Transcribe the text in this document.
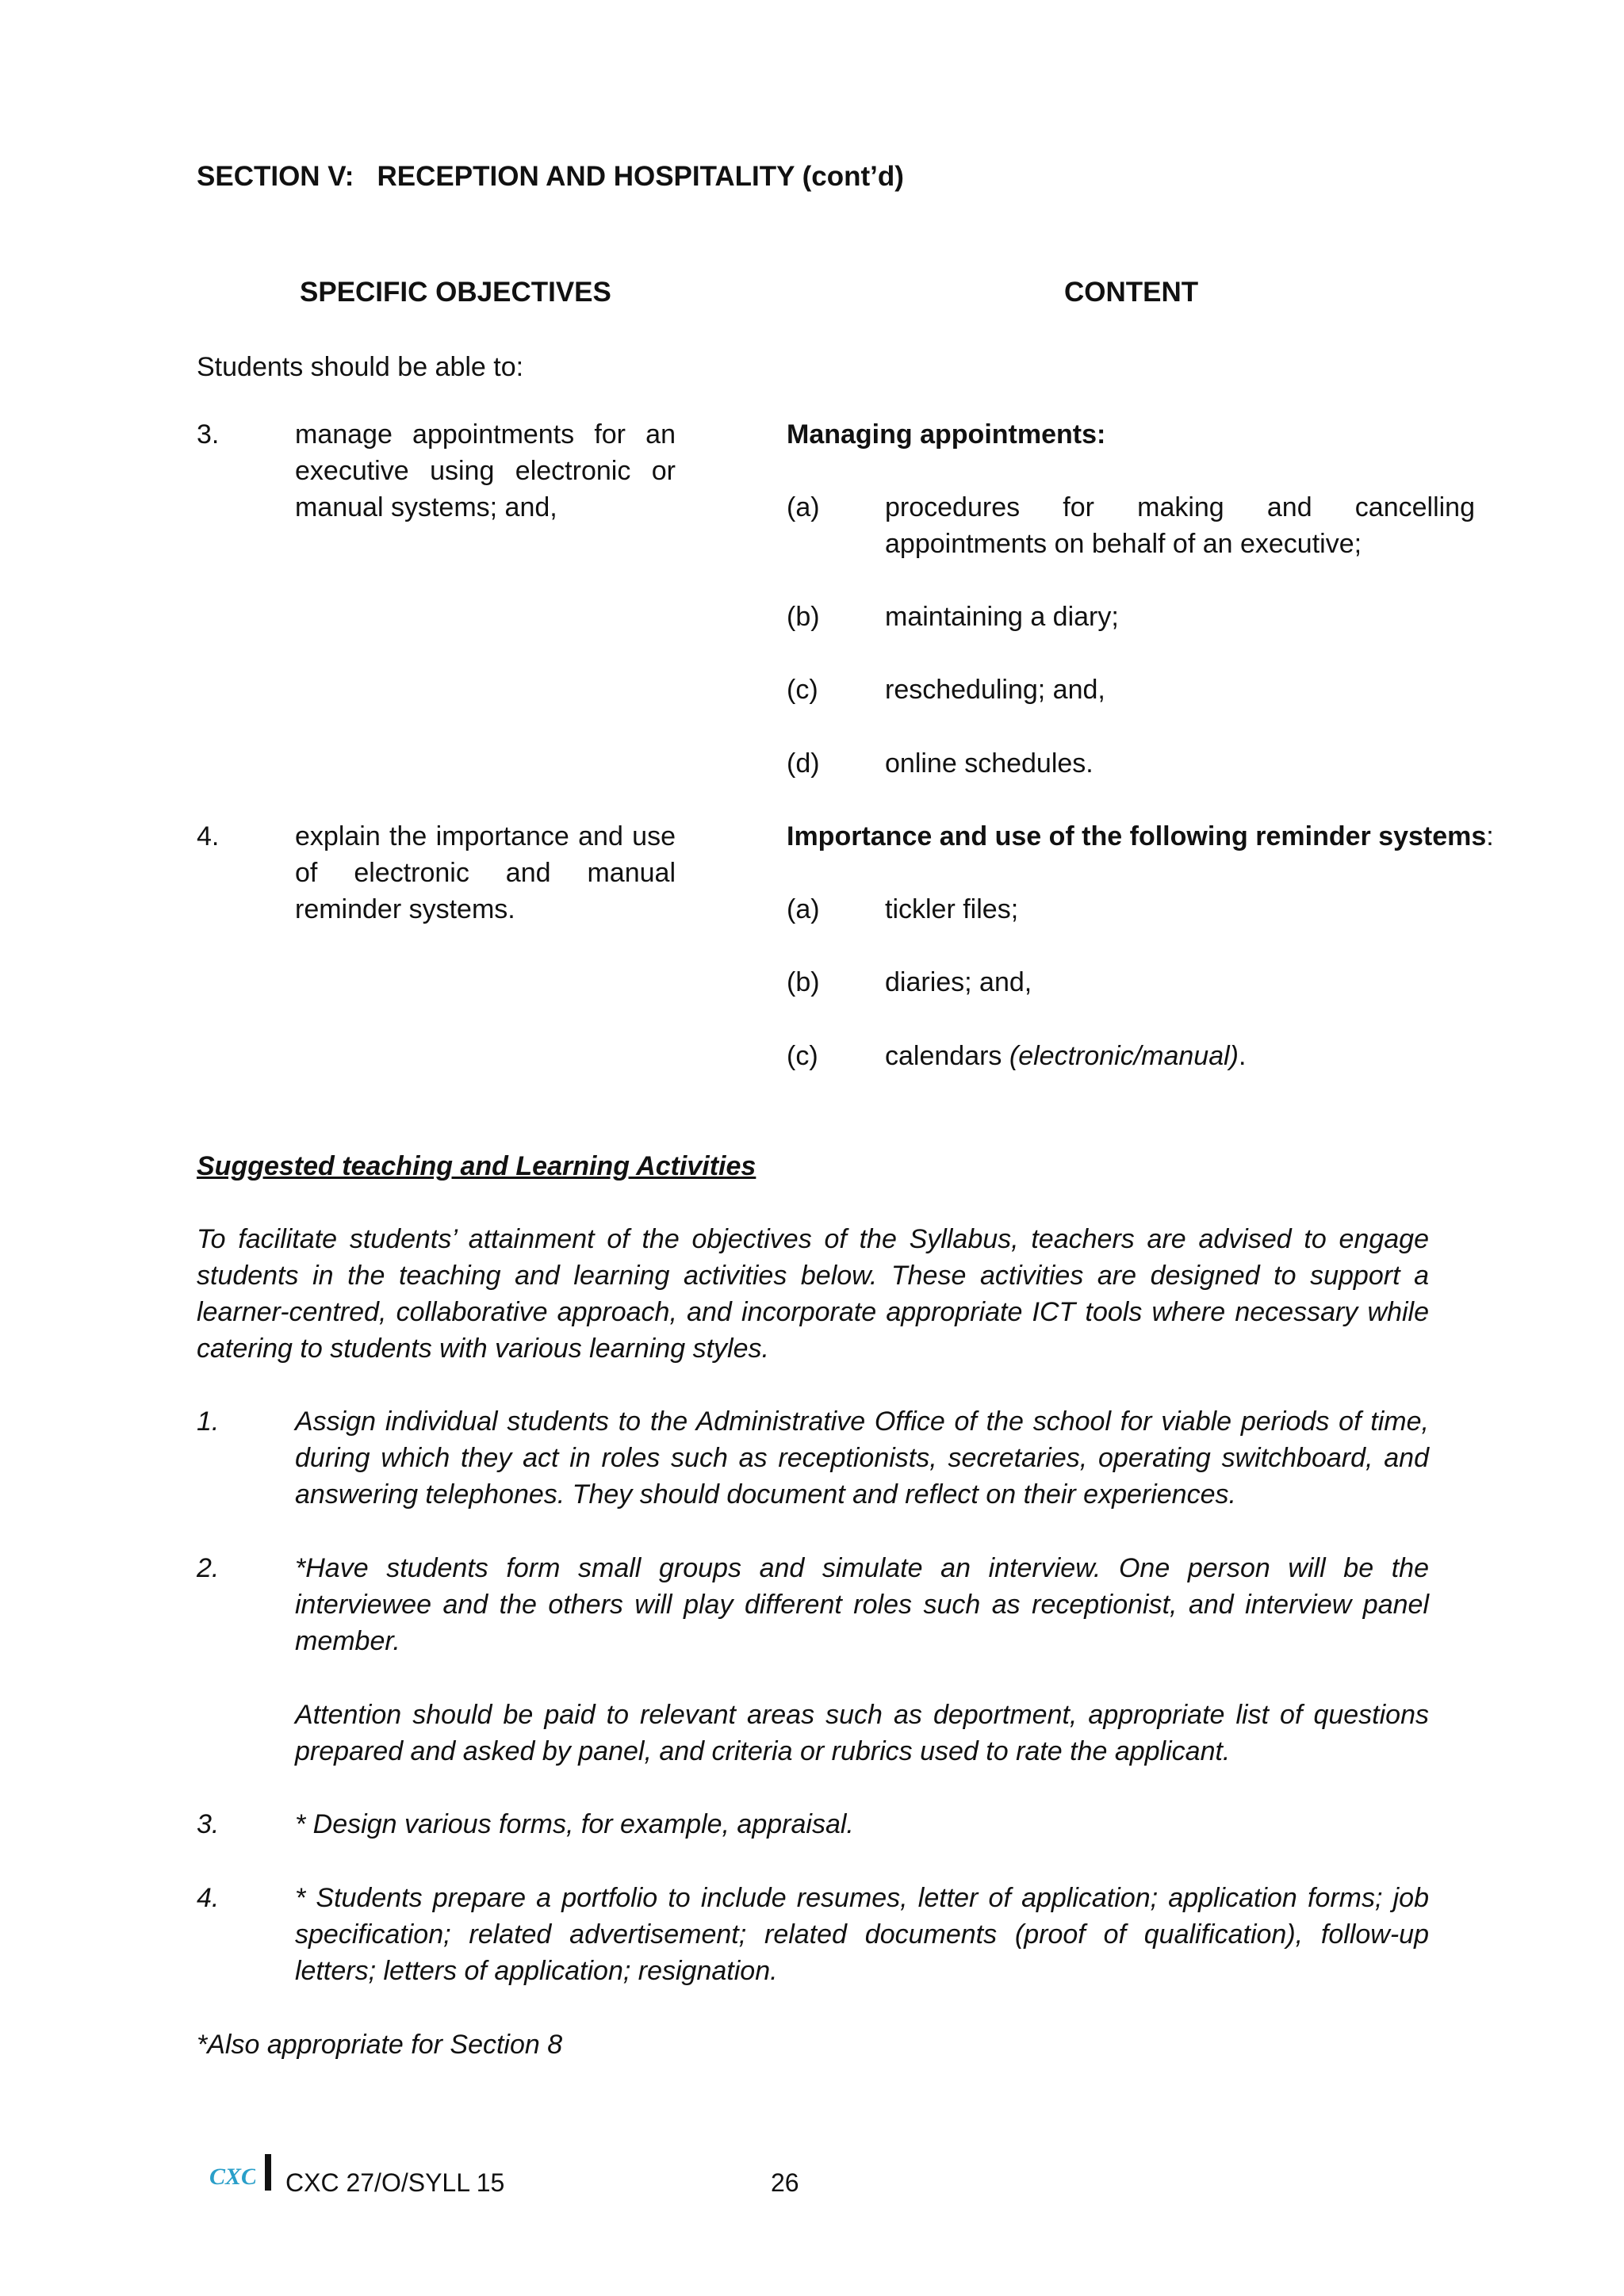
SECTION V:   RECEPTION AND HOSPITALITY (cont’d)
SPECIFIC OBJECTIVES	CONTENT
Students should be able to:
3.	manage appointments for an executive using electronic or manual systems; and,
Managing appointments:
(a) procedures for making and cancelling appointments on behalf of an executive;
(b) maintaining a diary;
(c) rescheduling; and,
(d) online schedules.
4.	explain the importance and use of electronic and manual reminder systems.
Importance and use of the following reminder systems:
(a) tickler files;
(b) diaries; and,
(c) calendars (electronic/manual).
Suggested teaching and Learning Activities
To facilitate students’ attainment of the objectives of the Syllabus, teachers are advised to engage students in the teaching and learning activities below. These activities are designed to support a learner-centred, collaborative approach, and incorporate appropriate ICT tools where necessary while catering to students with various learning styles.
1.	Assign individual students to the Administrative Office of the school for viable periods of time, during which they act in roles such as receptionists, secretaries, operating switchboard, and answering telephones. They should document and reflect on their experiences.
2.	*Have students form small groups and simulate an interview. One person will be the interviewee and the others will play different roles such as receptionist, and interview panel member.
Attention should be paid to relevant areas such as deportment, appropriate list of questions prepared and asked by panel, and criteria or rubrics used to rate the applicant.
3.	* Design various forms, for example, appraisal.
4.	* Students prepare a portfolio to include resumes, letter of application; application forms; job specification; related advertisement; related documents (proof of qualification), follow-up letters; letters of application; resignation.
*Also appropriate for Section 8
CXC CXC 27/O/SYLL 15	26
